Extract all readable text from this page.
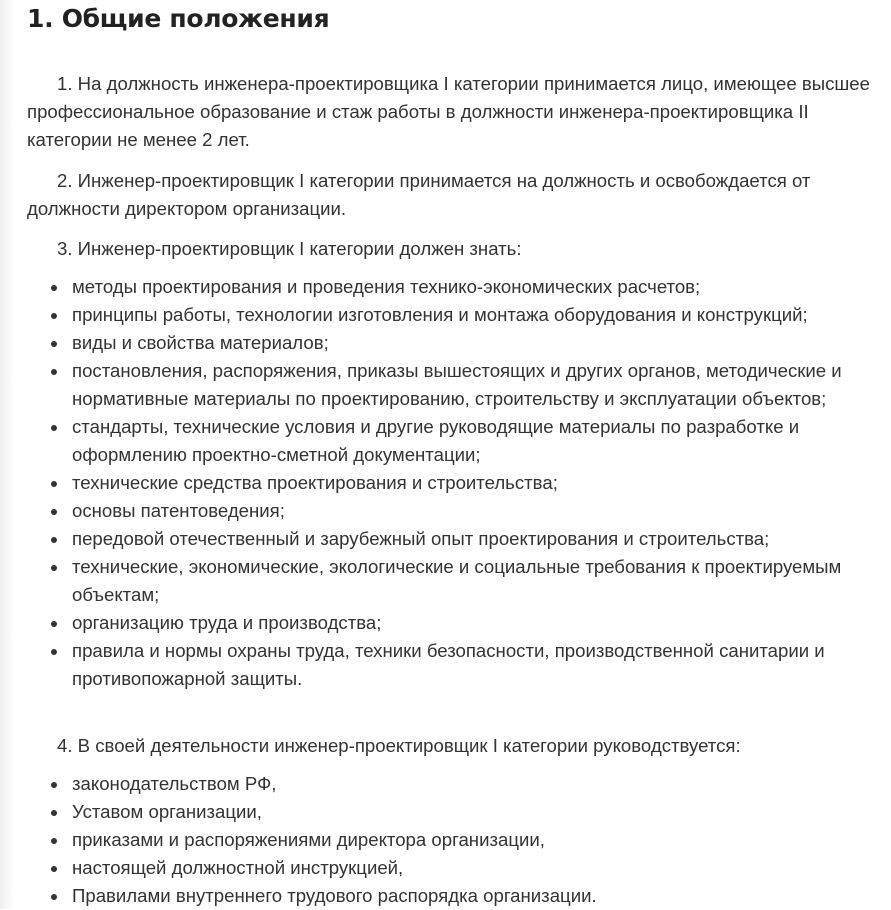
1. Общие положения

1. На должность инженера-проектировщика I категории принимается лицо, имеющее высшее профессиональное образование и стаж работы в должности инженера-проектировщика II категории не менее 2 лет.

2. Инженер-проектировщик I категории принимается на должность и освобождается от должности директором организации.

3. Инженер-проектировщик I категории должен знать:

методы проектирования и проведения технико-экономических расчетов;
принципы работы, технологии изготовления и монтажа оборудования и конструкций;
виды и свойства материалов;
постановления, распоряжения, приказы вышестоящих и других органов, методические и нормативные материалы по проектированию, строительству и эксплуатации объектов;
стандарты, технические условия и другие руководящие материалы по разработке и оформлению проектно-сметной документации;
технические средства проектирования и строительства;
основы патентоведения;
передовой отечественный и зарубежный опыт проектирования и строительства;
технические, экономические, экологические и социальные требования к проектируемым объектам;
организацию труда и производства;
правила и нормы охраны труда, техники безопасности, производственной санитарии и противопожарной защиты.

4. В своей деятельности инженер-проектировщик I категории руководствуется:

законодательством РФ,
Уставом организации,
приказами и распоряжениями директора организации,
настоящей должностной инструкцией,
Правилами внутреннего трудового распорядка организации.
